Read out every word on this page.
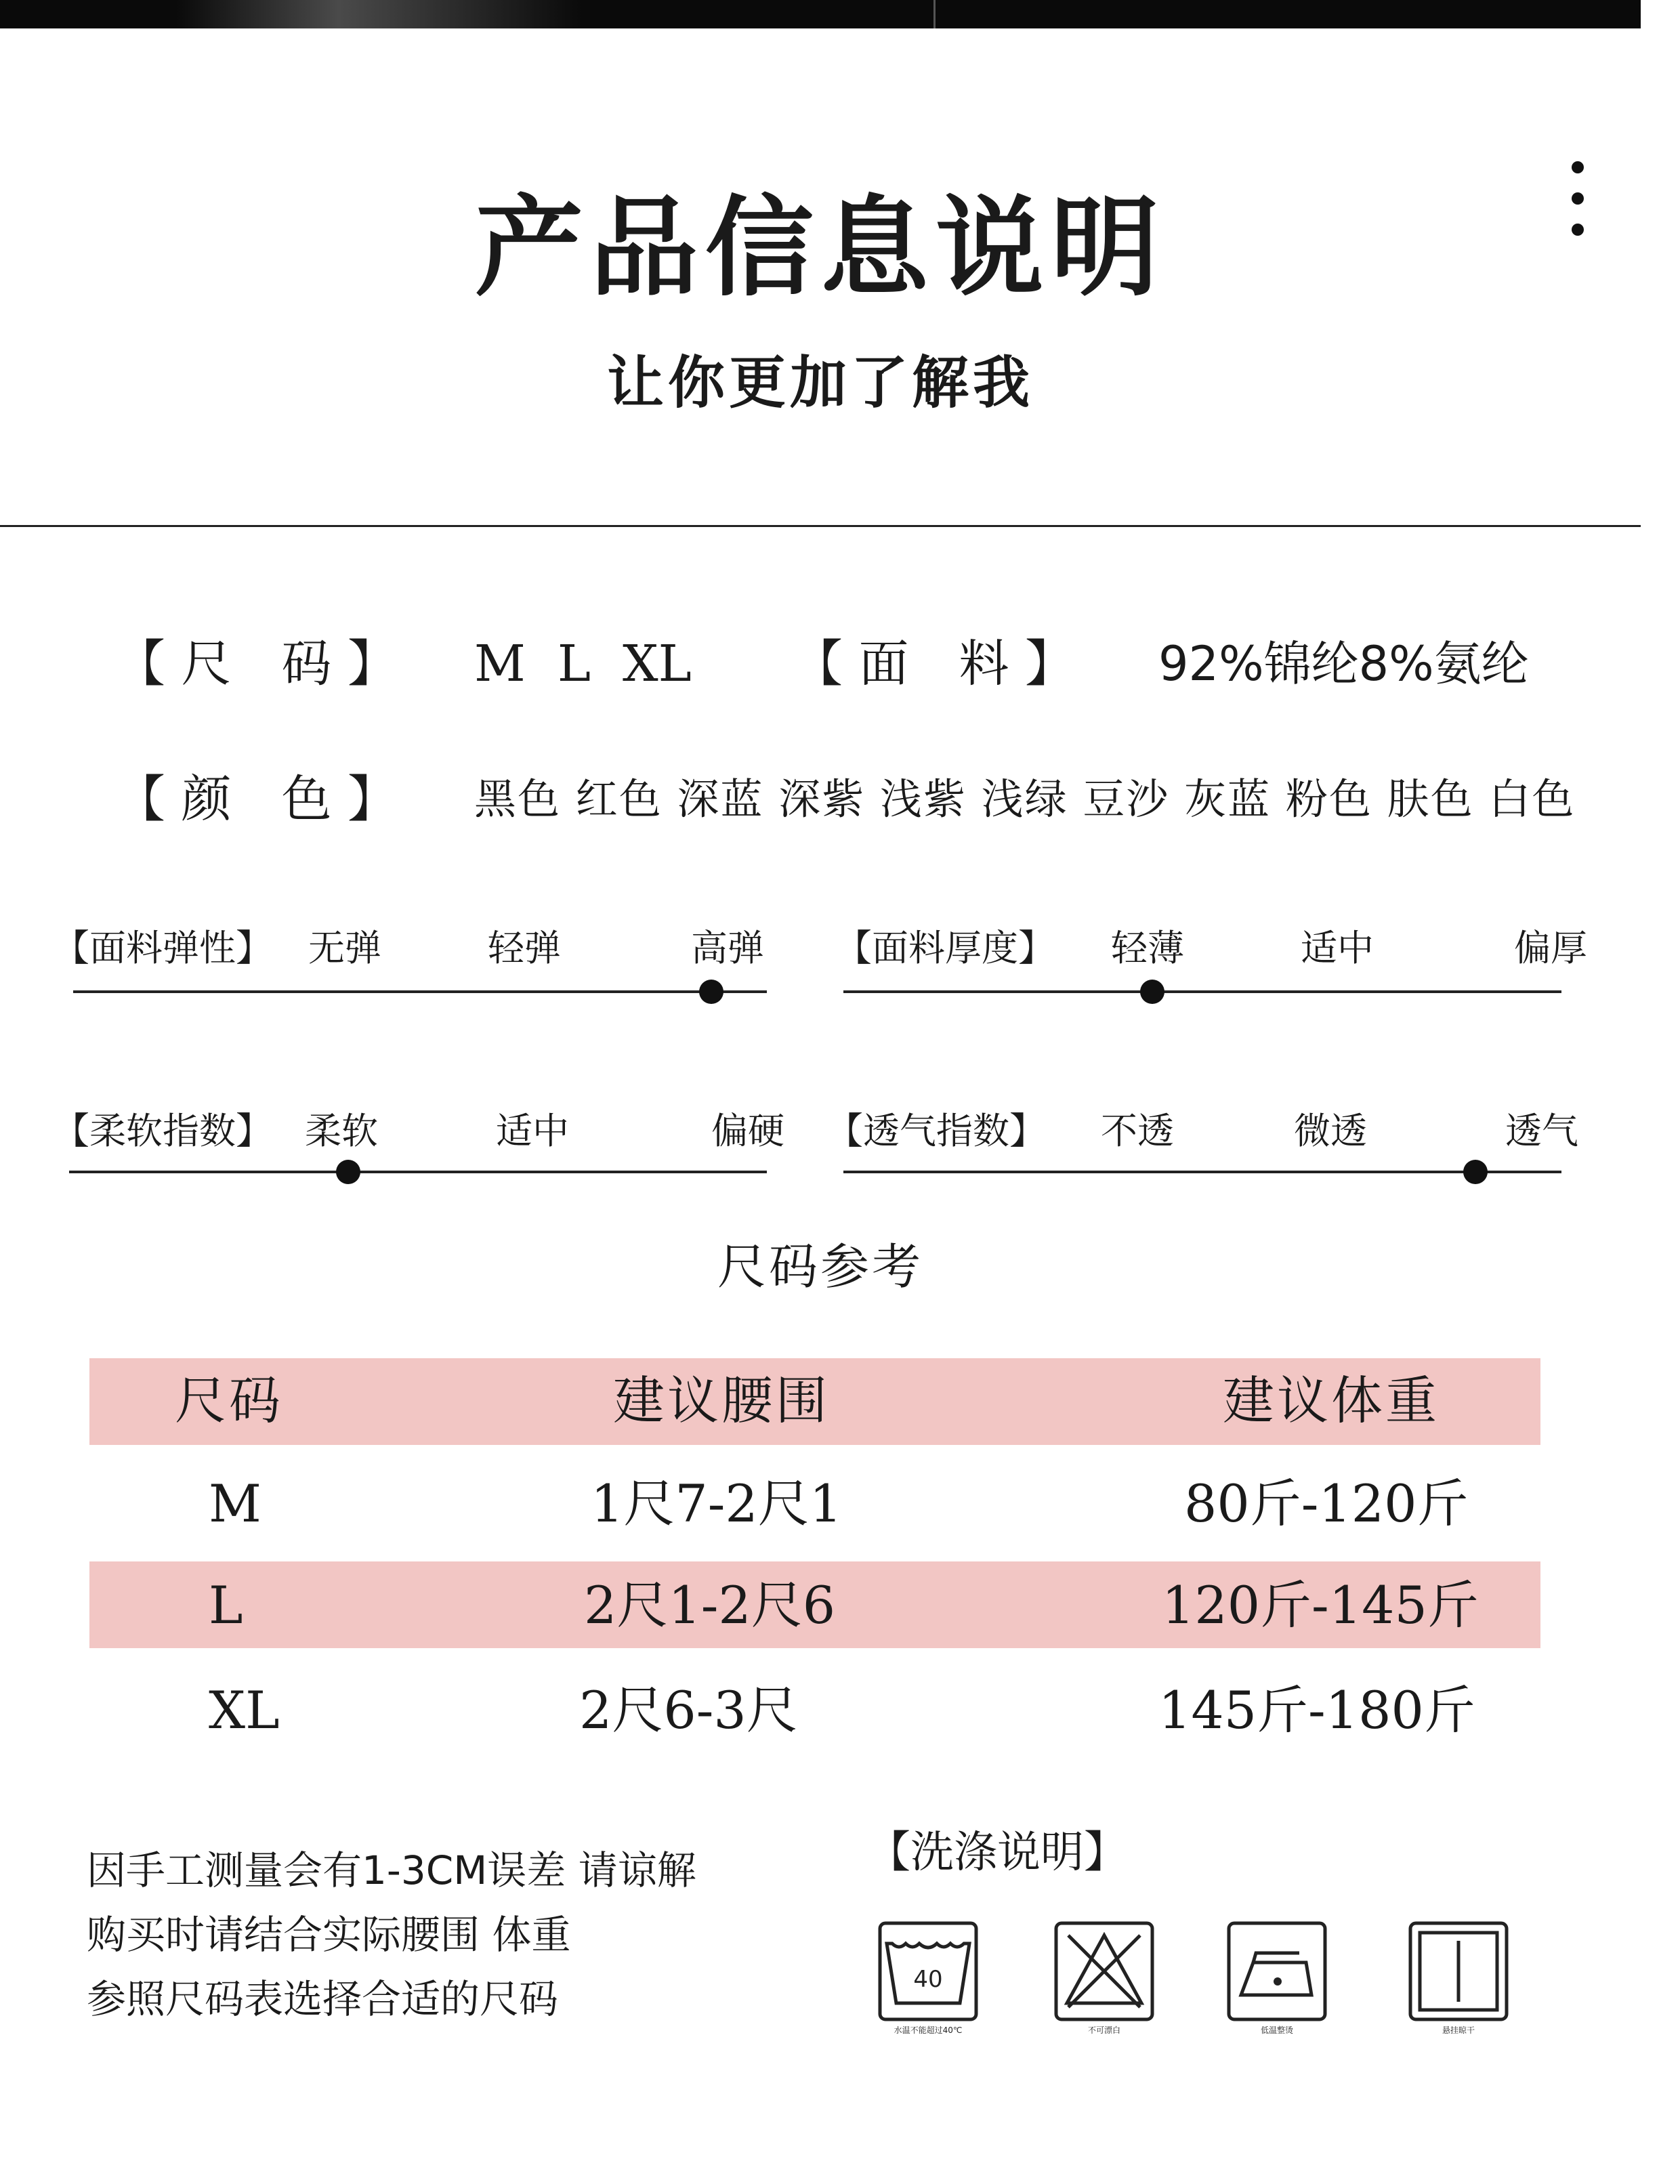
产品信息说明
让你更加了解我
【 尺　码 】 M  L  XL 【 面　料 】 92%锦纶8%氨纶
【 颜　色 】 黑色 红色 深蓝 深紫 浅紫 浅绿 豆沙 灰蓝 粉色 肤色 白色
【面料弹性】 无弹	轻弹	高弹 【面料厚度】 轻薄	适中	偏厚
【柔软指数】 柔软	适中	偏硬 【透气指数】 不透	微透	透气
尺码参考
尺码	建议腰围	建议体重
M	1尺7-2尺1	80斤-120斤
L	2尺1-2尺6	120斤-145斤
XL	2尺6-3尺	145斤-180斤
因手工测量会有1-3CM误差 请谅解
购买时请结合实际腰围 体重
参照尺码表选择合适的尺码
【洗涤说明】
40
水温不能超过40℃	不可漂白	低温整烫	悬挂晾干
